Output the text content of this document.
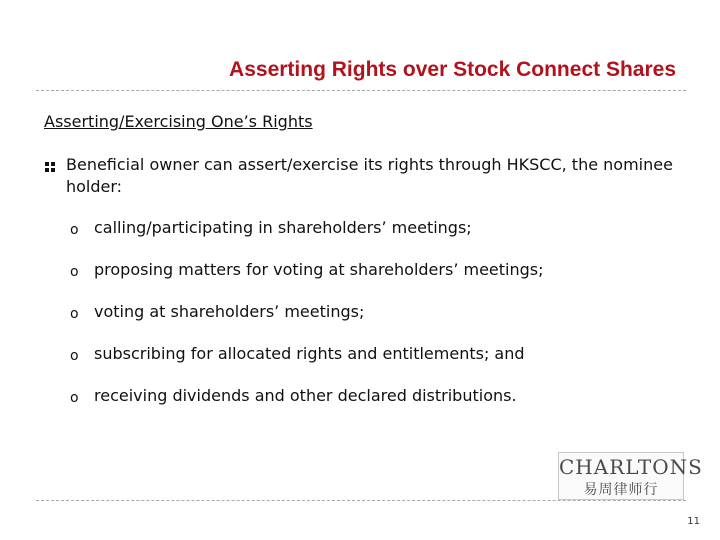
Asserting Rights over Stock Connect Shares
Asserting/Exercising One’s Rights
Beneficial owner can assert/exercise its rights through HKSCC, the nominee holder:
o calling/participating in shareholders’ meetings;
o proposing matters for voting at shareholders’ meetings;
o voting at shareholders’ meetings;
o subscribing for allocated rights and entitlements; and
o receiving dividends and other declared distributions.
CHARLTONS
易周律师行
11
